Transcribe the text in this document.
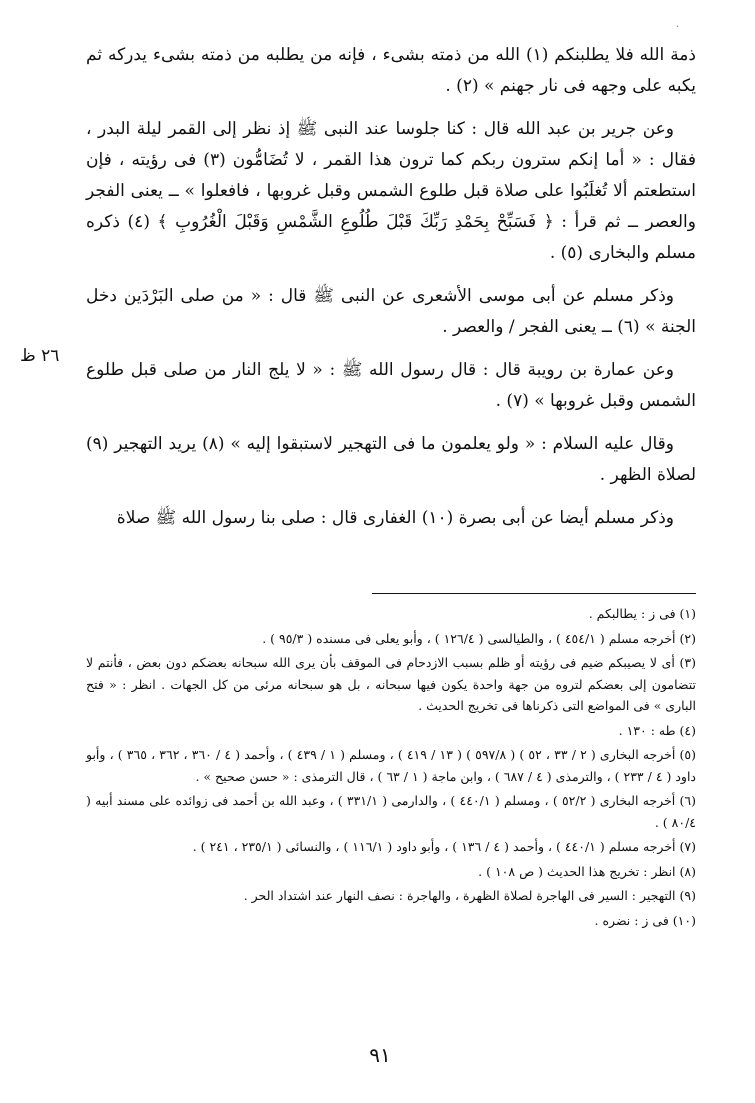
·

ذمة الله فلا يطلبنكم (١) الله من ذمته بشىء ، فإنه من يطلبه من ذمته بشىء يدركه ثم يكبه على وجهه فى نار جهنم » (٢) .

وعن جرير بن عبد الله قال : كنا جلوسا عند النبى ﷺ إذ نظر إلى القمر ليلة البدر ، فقال : « أما إنكم سترون ربكم كما ترون هذا القمر ، لا تُضَامُّون (٣) فى رؤيته ، فإن استطعتم ألا تُغلَبُوا على صلاة قبل طلوع الشمس وقبل غروبها ، فافعلوا » ــ يعنى الفجر والعصر ــ ثم قرأ : ﴿ فَسَبِّحْ بِحَمْدِ رَبِّكَ قَبْلَ طُلُوعِ الشَّمْسِ وَقَبْلَ الْغُرُوبِ ﴾ (٤) ذكره مسلم والبخارى (٥) .

وذكر مسلم عن أبى موسى الأشعرى عن النبى ﷺ قال : « من صلى البَرْدَين دخل الجنة » (٦) ــ يعنى الفجر / والعصر .

وعن عمارة بن رويبة قال : قال رسول الله ﷺ : « لا يلج النار من صلى قبل طلوع الشمس وقبل غروبها » (٧) .

وقال عليه السلام : « ولو يعلمون ما فى التهجير لاستبقوا إليه » (٨) يريد التهجير (٩) لصلاة الظهر .

وذكر مسلم أيضا عن أبى بصرة (١٠) الغفارى قال : صلى بنا رسول الله ﷺ صلاة

٢٦ ظ

(١) فى ز : يطالبكم .

(٢) أخرجه مسلم ( ٤٥٤/١ ) ، والطيالسى ( ١٢٦/٤ ) ، وأبو يعلى فى مسنده ( ٩٥/٣ ) .

(٣) أى لا يصيبكم ضيم فى رؤيته أو ظلم بسبب الازدحام فى الموقف بأن يرى الله سبحانه بعضكم دون بعض ، فأنتم لا تتضامون إلى بعضكم لتروه من جهة واحدة يكون فيها سبحانه ، بل هو سبحانه مرئى من كل الجهات . انظر : « فتح البارى » فى المواضع التى ذكرناها فى تخريج الحديث .

(٤) طه : ١٣٠ .

(٥) أخرجه البخارى ( ٢ / ٣٣ ، ٥٢ ) ( ٥٩٧/٨ ) ( ١٣ / ٤١٩ ) ، ومسلم ( ١ / ٤٣٩ ) ، وأحمد ( ٤ / ٣٦٠ ، ٣٦٢ ، ٣٦٥ ) ، وأبو داود ( ٤ / ٢٣٣ ) ، والترمذى ( ٤ / ٦٨٧ ) ، وابن ماجة ( ١ / ٦٣ ) ، قال الترمذى : « حسن صحيح » .

(٦) أخرجه البخارى ( ٥٢/٢ ) ، ومسلم ( ٤٤٠/١ ) ، والدارمى ( ٣٣١/١ ) ، وعبد الله بن أحمد فى زوائده على مسند أبيه ( ٨٠/٤ ) .

(٧) أخرجه مسلم ( ٤٤٠/١ ) ، وأحمد ( ٤ / ١٣٦ ) ، وأبو داود ( ١١٦/١ ) ، والنسائى ( ٢٣٥/١ ، ٢٤١ ) .

(٨) انظر : تخريج هذا الحديث ( ص ١٠٨ ) .

(٩) التهجير : السير فى الهاجرة لصلاة الظهرة ، والهاجرة : نصف النهار عند اشتداد الحر .

(١٠) فى ز : نضره .

٩١
